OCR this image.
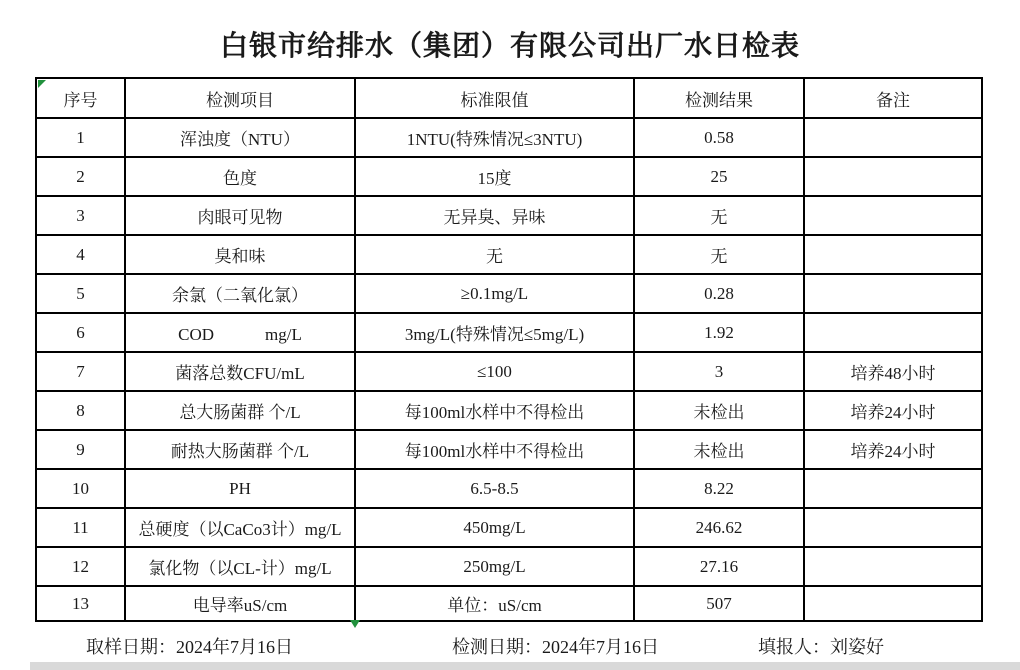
白银市给排水（集团）有限公司出厂水日检表
序号	检测项目	标准限值	检测结果	备注
1	浑浊度（NTU）	1NTU(特殊情况≤3NTU)	0.58	
2	色度	15度	25	
3	肉眼可见物	无异臭、异味	无	
4	臭和味	无	无	
5	余氯（二氧化氯）	≥0.1mg/L	0.28	
6	COD　　　mg/L	3mg/L(特殊情况≤5mg/L)	1.92	
7	菌落总数CFU/mL	≤100	3	培养48小时
8	总大肠菌群 个/L	每100ml水样中不得检出	未检出	培养24小时
9	耐热大肠菌群 个/L	每100ml水样中不得检出	未检出	培养24小时
10	PH	6.5-8.5	8.22	
11	总硬度（以CaCo3计）mg/L	450mg/L	246.62	
12	氯化物（以CL-计）mg/L	250mg/L	27.16	
13	电导率uS/cm	单位：uS/cm	507	
取样日期：2024年7月16日	检测日期：2024年7月16日	填报人：刘姿好
